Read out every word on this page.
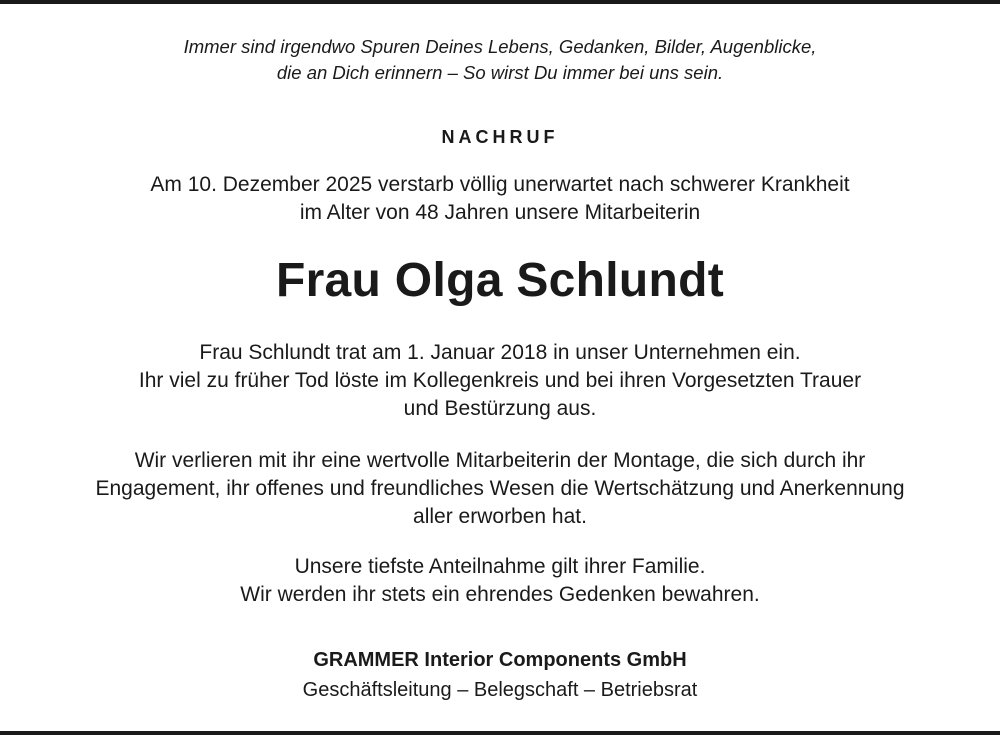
Immer sind irgendwo Spuren Deines Lebens, Gedanken, Bilder, Augenblicke,
die an Dich erinnern – So wirst Du immer bei uns sein.
NACHRUF
Am 10. Dezember 2025 verstarb völlig unerwartet nach schwerer Krankheit
im Alter von 48 Jahren unsere Mitarbeiterin
Frau Olga Schlundt
Frau Schlundt trat am 1. Januar 2018 in unser Unternehmen ein.
Ihr viel zu früher Tod löste im Kollegenkreis und bei ihren Vorgesetzten Trauer
und Bestürzung aus.
Wir verlieren mit ihr eine wertvolle Mitarbeiterin der Montage, die sich durch ihr
Engagement, ihr offenes und freundliches Wesen die Wertschätzung und Anerkennung
aller erworben hat.
Unsere tiefste Anteilnahme gilt ihrer Familie.
Wir werden ihr stets ein ehrendes Gedenken bewahren.
GRAMMER Interior Components GmbH
Geschäftsleitung – Belegschaft – Betriebsrat
